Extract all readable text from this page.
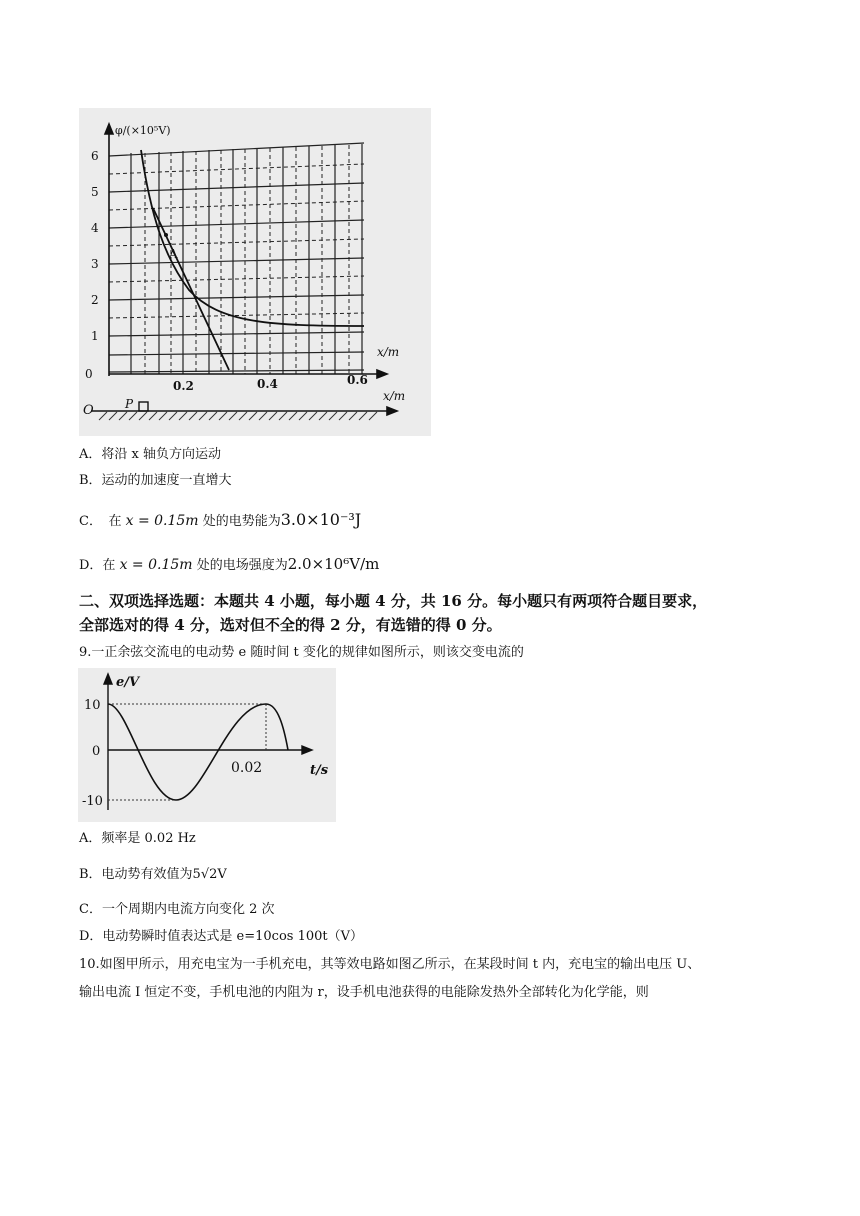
φ/(×10⁵V)
6
5
4
3
2
1
0
0.2	0.4	0.6
x/m
x/m
A
O	P
A．将沿 x 轴负方向运动
B．运动的加速度一直增大
C．　在 x = 0.15m 处的电势能为3.0×10⁻³J
D．在 x = 0.15m 处的电场强度为2.0×10⁶V/m
二、双项选择选题：本题共 4 小题，每小题 4 分，共 16 分。每小题只有两项符合题目要求，
全部选对的得 4 分，选对但不全的得 2 分，有选错的得 0 分。
9.一正余弦交流电的电动势 e 随时间 t 变化的规律如图所示，则该交变电流的
e/V
10
0
-10
0.02	t/s
A．频率是 0.02 Hz
B．电动势有效值为5√2V
C．一个周期内电流方向变化 2 次
D．电动势瞬时值表达式是 e=10cos 100t（V）
10.如图甲所示，用充电宝为一手机充电，其等效电路如图乙所示，在某段时间 t 内，充电宝的输出电压 U、
输出电流 I 恒定不变，手机电池的内阻为 r，设手机电池获得的电能除发热外全部转化为化学能，则
